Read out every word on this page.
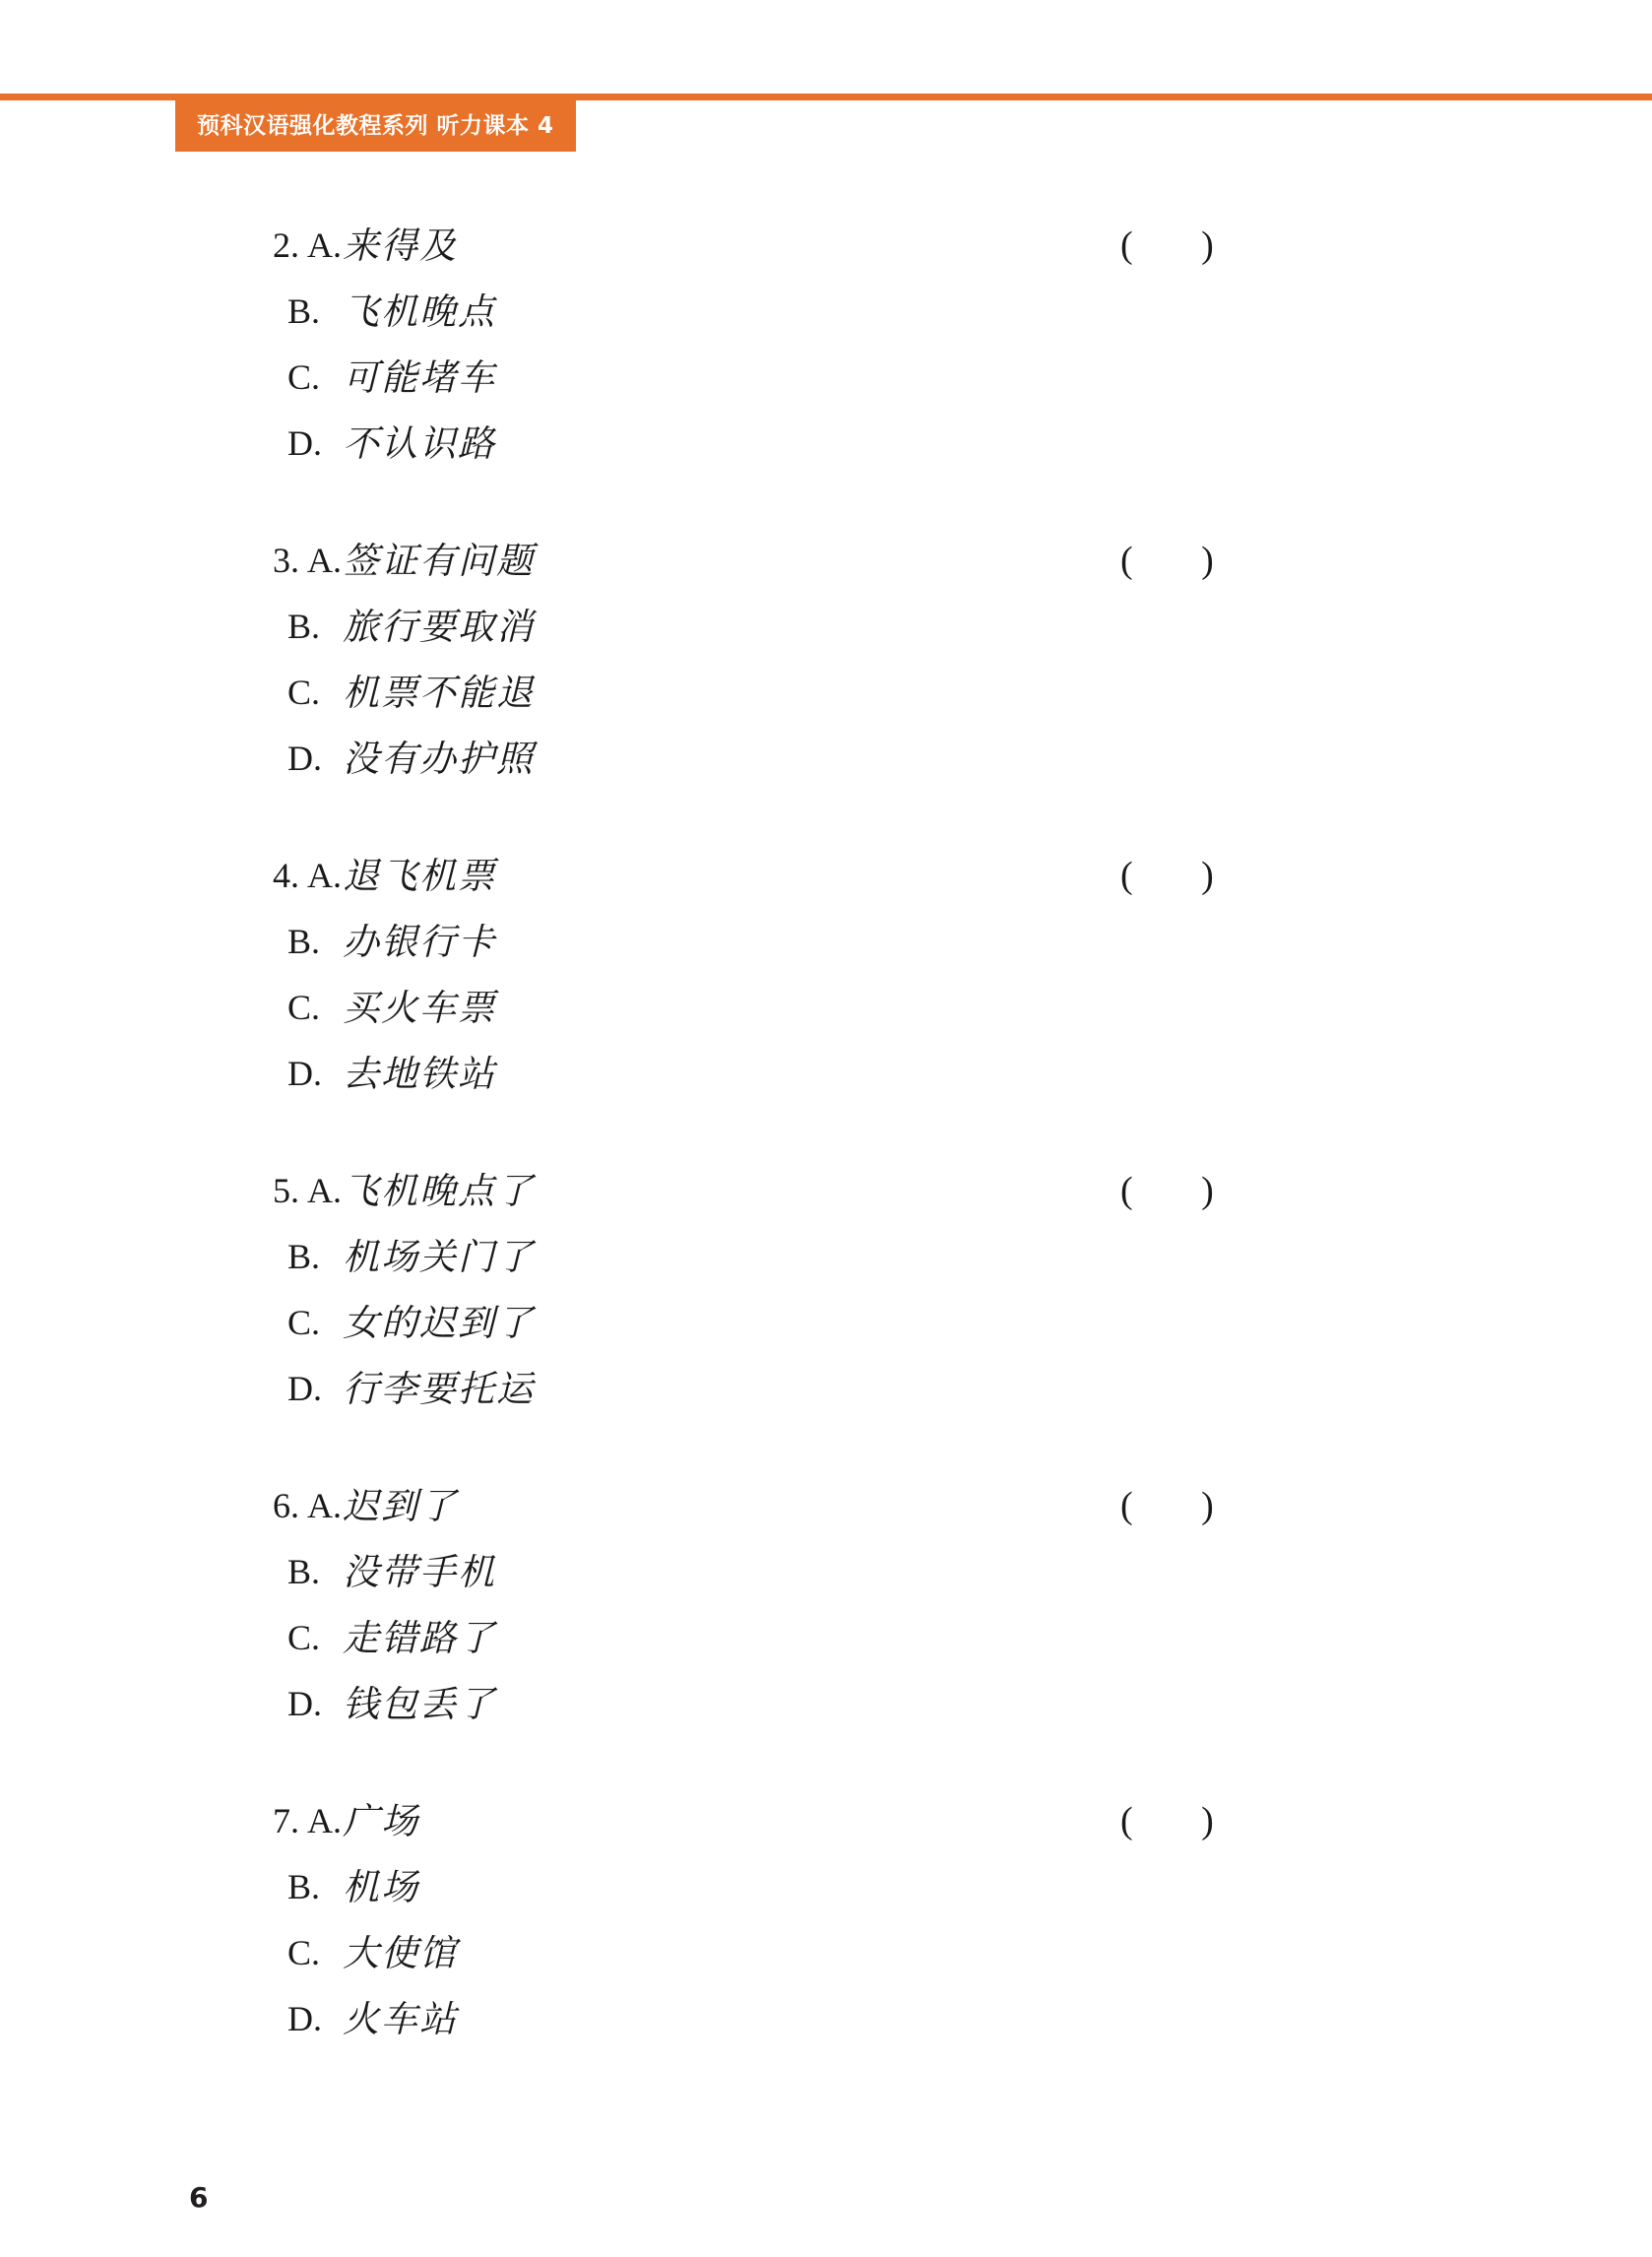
预科汉语强化教程系列 听力课本 4
2. A. 来得及	( )
B. 飞机晚点
C. 可能堵车
D. 不认识路
3. A. 签证有问题	( )
B. 旅行要取消
C. 机票不能退
D. 没有办护照
4. A. 退飞机票	( )
B. 办银行卡
C. 买火车票
D. 去地铁站
5. A. 飞机晚点了	( )
B. 机场关门了
C. 女的迟到了
D. 行李要托运
6. A. 迟到了	( )
B. 没带手机
C. 走错路了
D. 钱包丢了
7. A. 广场	( )
B. 机场
C. 大使馆
D. 火车站
6
